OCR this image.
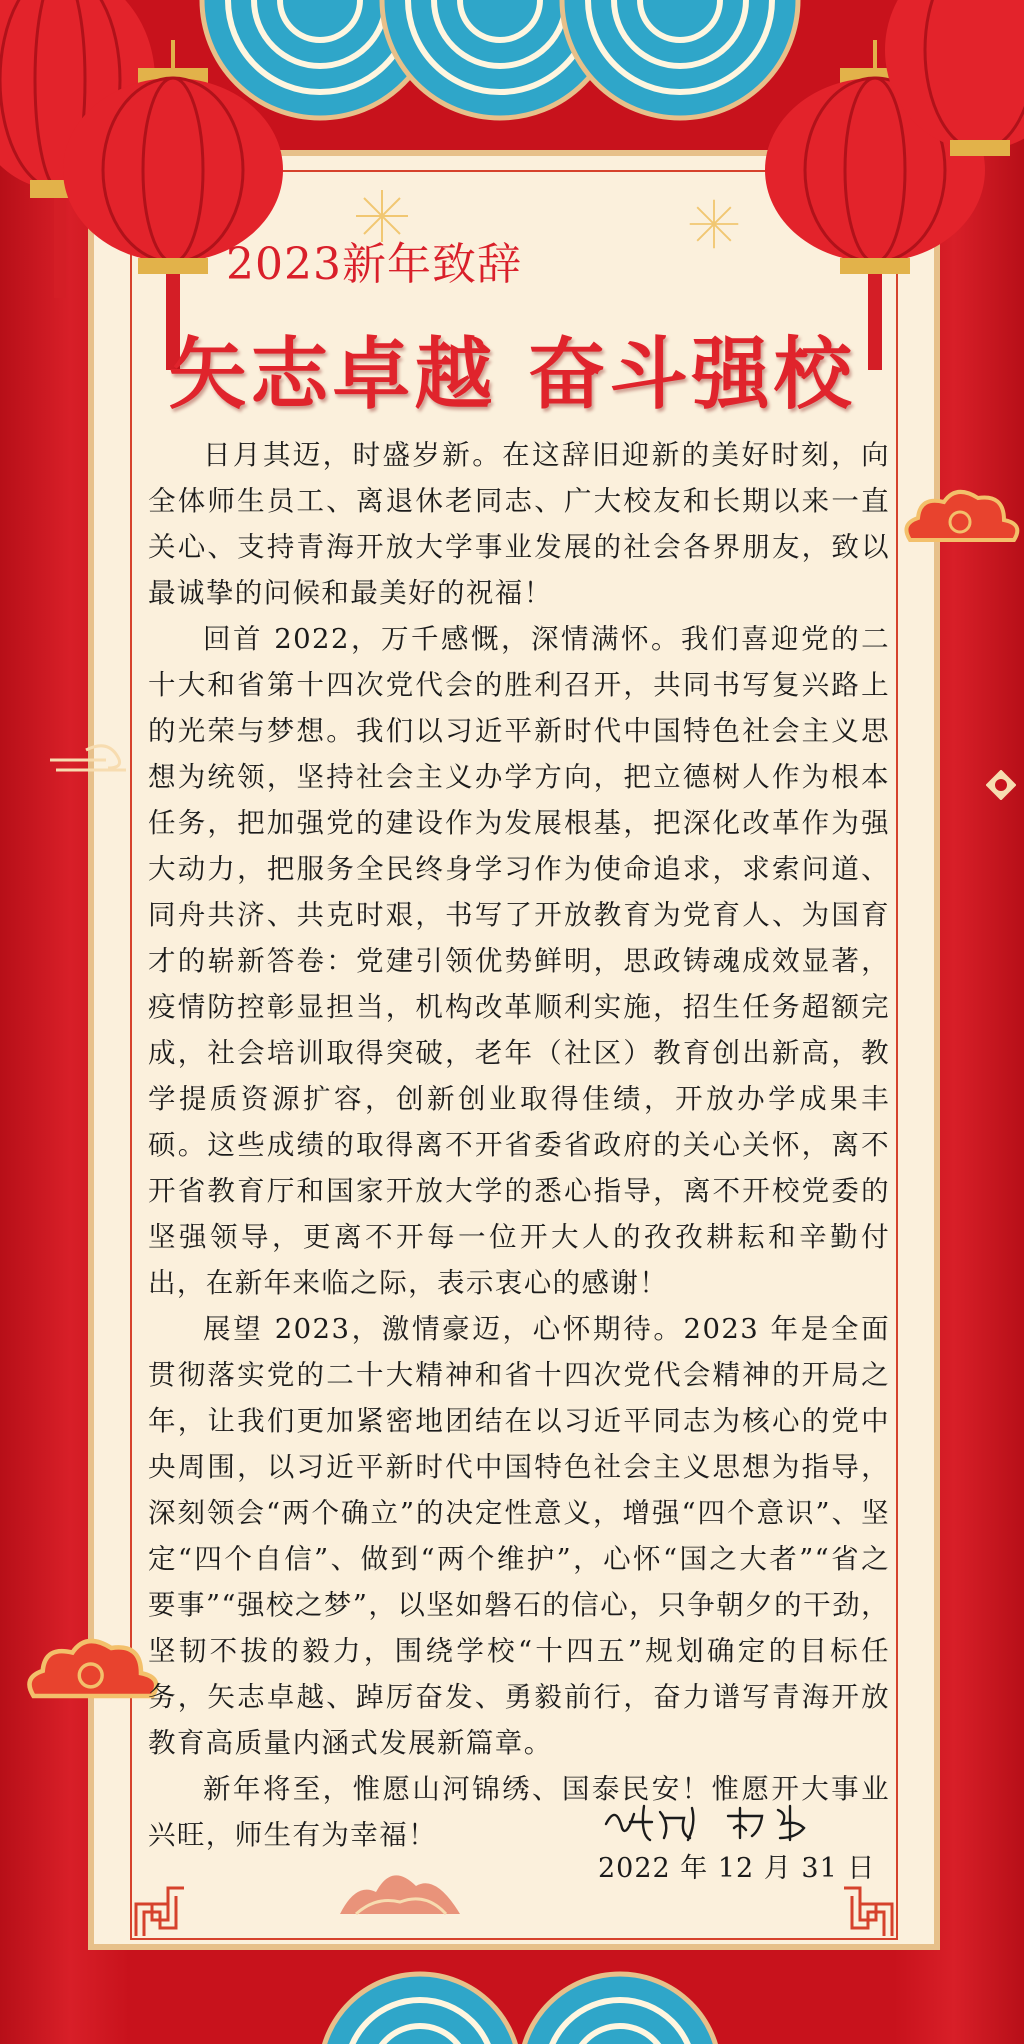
2023新年致辞
矢志卓越 奋斗强校

日月其迈，时盛岁新。在这辞旧迎新的美好时刻，向全体师生员工、离退休老同志、广大校友和长期以来一直关心、支持青海开放大学事业发展的社会各界朋友，致以最诚挚的问候和最美好的祝福！

回首 2022，万千感慨，深情满怀。我们喜迎党的二十大和省第十四次党代会的胜利召开，共同书写复兴路上的光荣与梦想。我们以习近平新时代中国特色社会主义思想为统领，坚持社会主义办学方向，把立德树人作为根本任务，把加强党的建设作为发展根基，把深化改革作为强大动力，把服务全民终身学习作为使命追求，求索问道、同舟共济、共克时艰，书写了开放教育为党育人、为国育才的崭新答卷：党建引领优势鲜明，思政铸魂成效显著，疫情防控彰显担当，机构改革顺利实施，招生任务超额完成，社会培训取得突破，老年（社区）教育创出新高，教学提质资源扩容，创新创业取得佳绩，开放办学成果丰硕。这些成绩的取得离不开省委省政府的关心关怀，离不开省教育厅和国家开放大学的悉心指导，离不开校党委的坚强领导，更离不开每一位开大人的孜孜耕耘和辛勤付出，在新年来临之际，表示衷心的感谢！

展望 2023，激情豪迈，心怀期待。2023 年是全面贯彻落实党的二十大精神和省十四次党代会精神的开局之年，让我们更加紧密地团结在以习近平同志为核心的党中央周围，以习近平新时代中国特色社会主义思想为指导，深刻领会“两个确立”的决定性意义，增强“四个意识”、坚定“四个自信”、做到“两个维护”，心怀“国之大者”“省之要事”“强校之梦”，以坚如磐石的信心，只争朝夕的干劲，坚韧不拔的毅力，围绕学校“十四五”规划确定的目标任务，矢志卓越、踔厉奋发、勇毅前行，奋力谱写青海开放教育高质量内涵式发展新篇章。

新年将至，惟愿山河锦绣、国泰民安！惟愿开大事业兴旺，师生有为幸福！

2022 年 12 月 31 日
